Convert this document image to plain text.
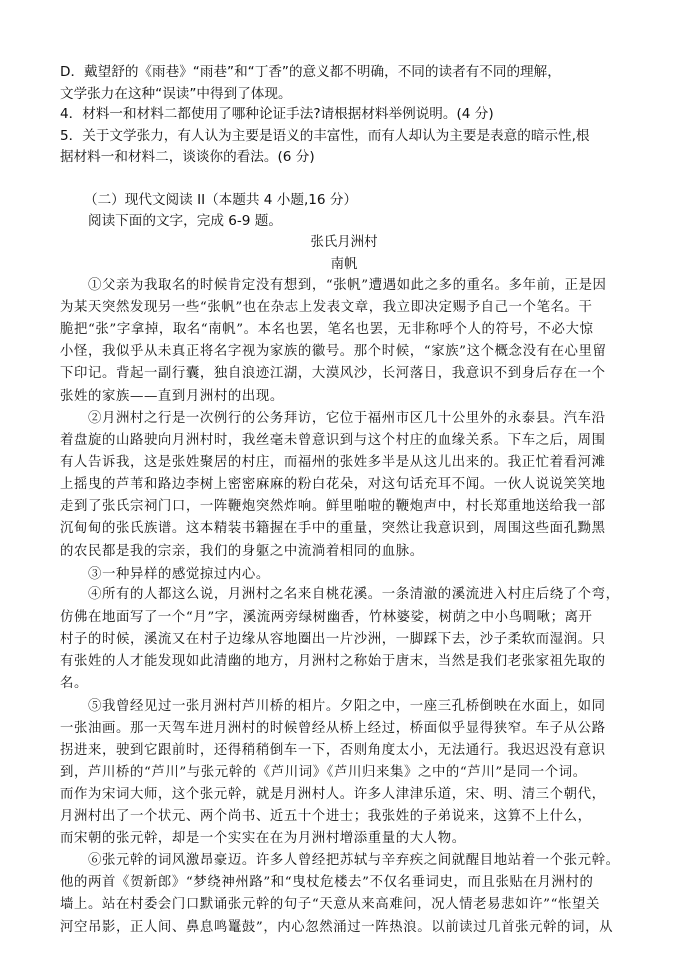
D．戴望舒的《雨巷》“雨巷”和“丁香”的意义都不明确，不同的读者有不同的理解，
文学张力在这种“误读”中得到了体现。
4．材料一和材料二都使用了哪种论证手法?请根据材料举例说明。(4 分)
5．关于文学张力，有人认为主要是语义的丰富性，而有人却认为主要是表意的暗示性,根
据材料一和材料二，谈谈你的看法。(6 分)
（二）现代文阅读 II（本题共 4 小题,16 分）
阅读下面的文字，完成 6-9 题。
张氏月洲村
南帆
①父亲为我取名的时候肯定没有想到，“张帆”遭遇如此之多的重名。多年前，正是因
为某天突然发现另一些“张帆”也在杂志上发表文章，我立即决定赐予自己一个笔名。干
脆把“张”字拿掉，取名“南帆”。本名也罢，笔名也罢，无非称呼个人的符号，不必大惊
小怪，我似乎从未真正将名字视为家族的徽号。那个时候，“家族”这个概念没有在心里留
下印记。背起一副行囊，独自浪迹江湖，大漠风沙，长河落日，我意识不到身后存在一个
张姓的家族——直到月洲村的出现。
②月洲村之行是一次例行的公务拜访，它位于福州市区几十公里外的永泰县。汽车沿
着盘旋的山路驶向月洲村时，我丝毫未曾意识到与这个村庄的血缘关系。下车之后，周围
有人告诉我，这是张姓聚居的村庄，而福州的张姓多半是从这儿出来的。我正忙着看河滩
上摇曳的芦苇和路边李树上密密麻麻的粉白花朵，对这句话充耳不闻。一伙人说说笑笑地
走到了张氏宗祠门口，一阵鞭炮突然炸响。鲜里啪啦的鞭炮声中，村长郑重地送给我一部
沉甸甸的张氏族谱。这本精装书籍握在手中的重量，突然让我意识到，周围这些面孔黝黑
的农民都是我的宗亲，我们的身躯之中流淌着相同的血脉。
③一种异样的感觉掠过内心。
④所有的人都这么说，月洲村之名来自桃花溪。一条清澈的溪流进入村庄后绕了个弯，
仿佛在地面写了一个“月”字，溪流两旁绿树幽香，竹林婆娑，树荫之中小鸟啁啾；离开
村子的时候，溪流又在村子边缘从容地圈出一片沙洲，一脚踩下去，沙子柔软而湿润。只
有张姓的人才能发现如此清幽的地方，月洲村之称始于唐末，当然是我们老张家祖先取的
名。
⑤我曾经见过一张月洲村芦川桥的相片。夕阳之中，一座三孔桥倒映在水面上，如同
一张油画。那一天驾车进月洲村的时候曾经从桥上经过，桥面似乎显得狭窄。车子从公路
拐进来，驶到它跟前时，还得稍稍倒车一下，否则角度太小，无法通行。我迟迟没有意识
到，芦川桥的“芦川”与张元幹的《芦川词》《芦川归来集》之中的“芦川”是同一个词。
而作为宋词大师，这个张元幹，就是月洲村人。许多人津津乐道，宋、明、清三个朝代，
月洲村出了一个状元、两个尚书、近五十个进士；我张姓的子弟说来，这算不上什么，
而宋朝的张元幹，却是一个实实在在为月洲村增添重量的大人物。
⑥张元幹的词风激昂豪迈。许多人曾经把苏轼与辛弃疾之间就醒目地站着一个张元幹。
他的两首《贺新郎》“梦绕神州路”和“曳杖危楼去”不仅名垂词史，而且张贴在月洲村的
墙上。站在村委会门口默诵张元幹的句子“天意从来高难问，况人情老易悲如许”“怅望关
河空吊影，正人间、鼻息鸣鼍鼓”，内心忽然涌过一阵热浪。以前读过几首张元幹的词，从
